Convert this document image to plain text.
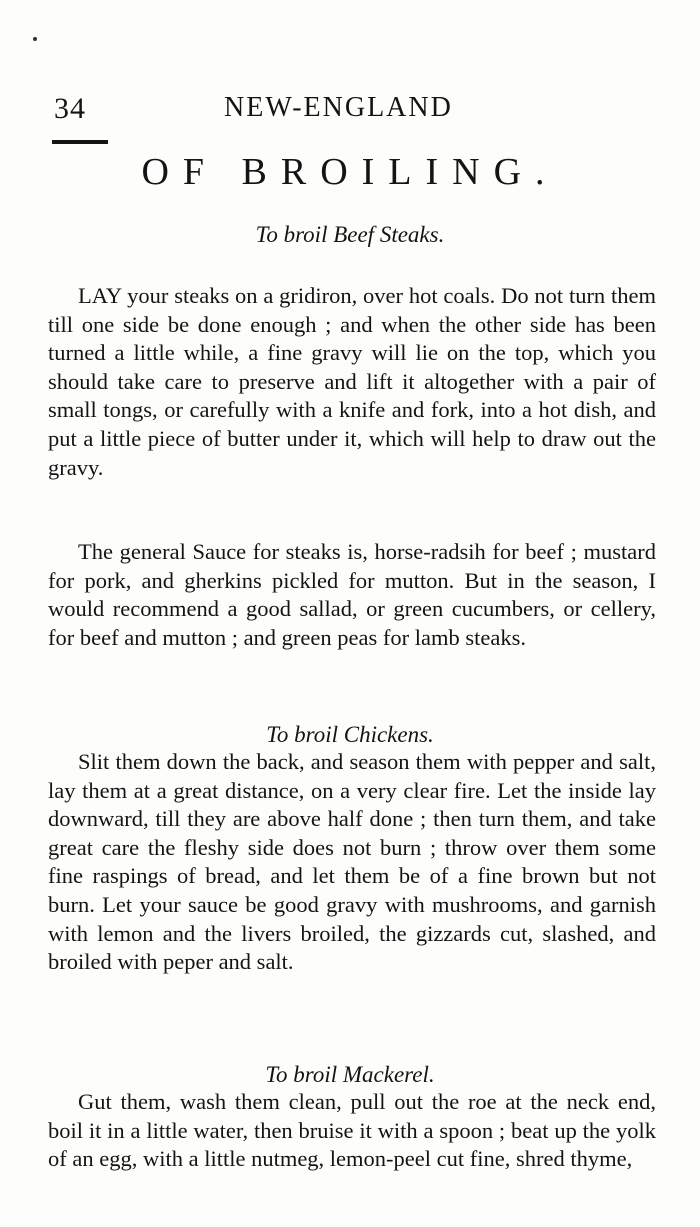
34	NEW-ENGLAND
OF BROILING.
To broil Beef Steaks.

LAY your steaks on a gridiron, over hot coals. Do not turn them till one side be done enough ; and when the other side has been turned a little while, a fine gravy will lie on the top, which you should take care to preserve and lift it altogether with a pair of small tongs, or carefully with a knife and fork, into a hot dish, and put a little piece of butter under it, which will help to draw out the gravy.

The general Sauce for steaks is, horse-radsih for beef ; mustard for pork, and gherkins pickled for mutton. But in the season, I would recommend a good sallad, or green cucumbers, or cellery, for beef and mutton ; and green peas for lamb steaks.

To broil Chickens.

Slit them down the back, and season them with pepper and salt, lay them at a great distance, on a very clear fire. Let the inside lay downward, till they are above half done ; then turn them, and take great care the fleshy side does not burn ; throw over them some fine raspings of bread, and let them be of a fine brown but not burn. Let your sauce be good gravy with mushrooms, and garnish with lemon and the livers broiled, the gizzards cut, slashed, and broiled with peper and salt.

To broil Mackerel.

Gut them, wash them clean, pull out the roe at the neck end, boil it in a little water, then bruise it with a spoon ; beat up the yolk of an egg, with a little nutmeg, lemon-peel cut fine, shred thyme,
